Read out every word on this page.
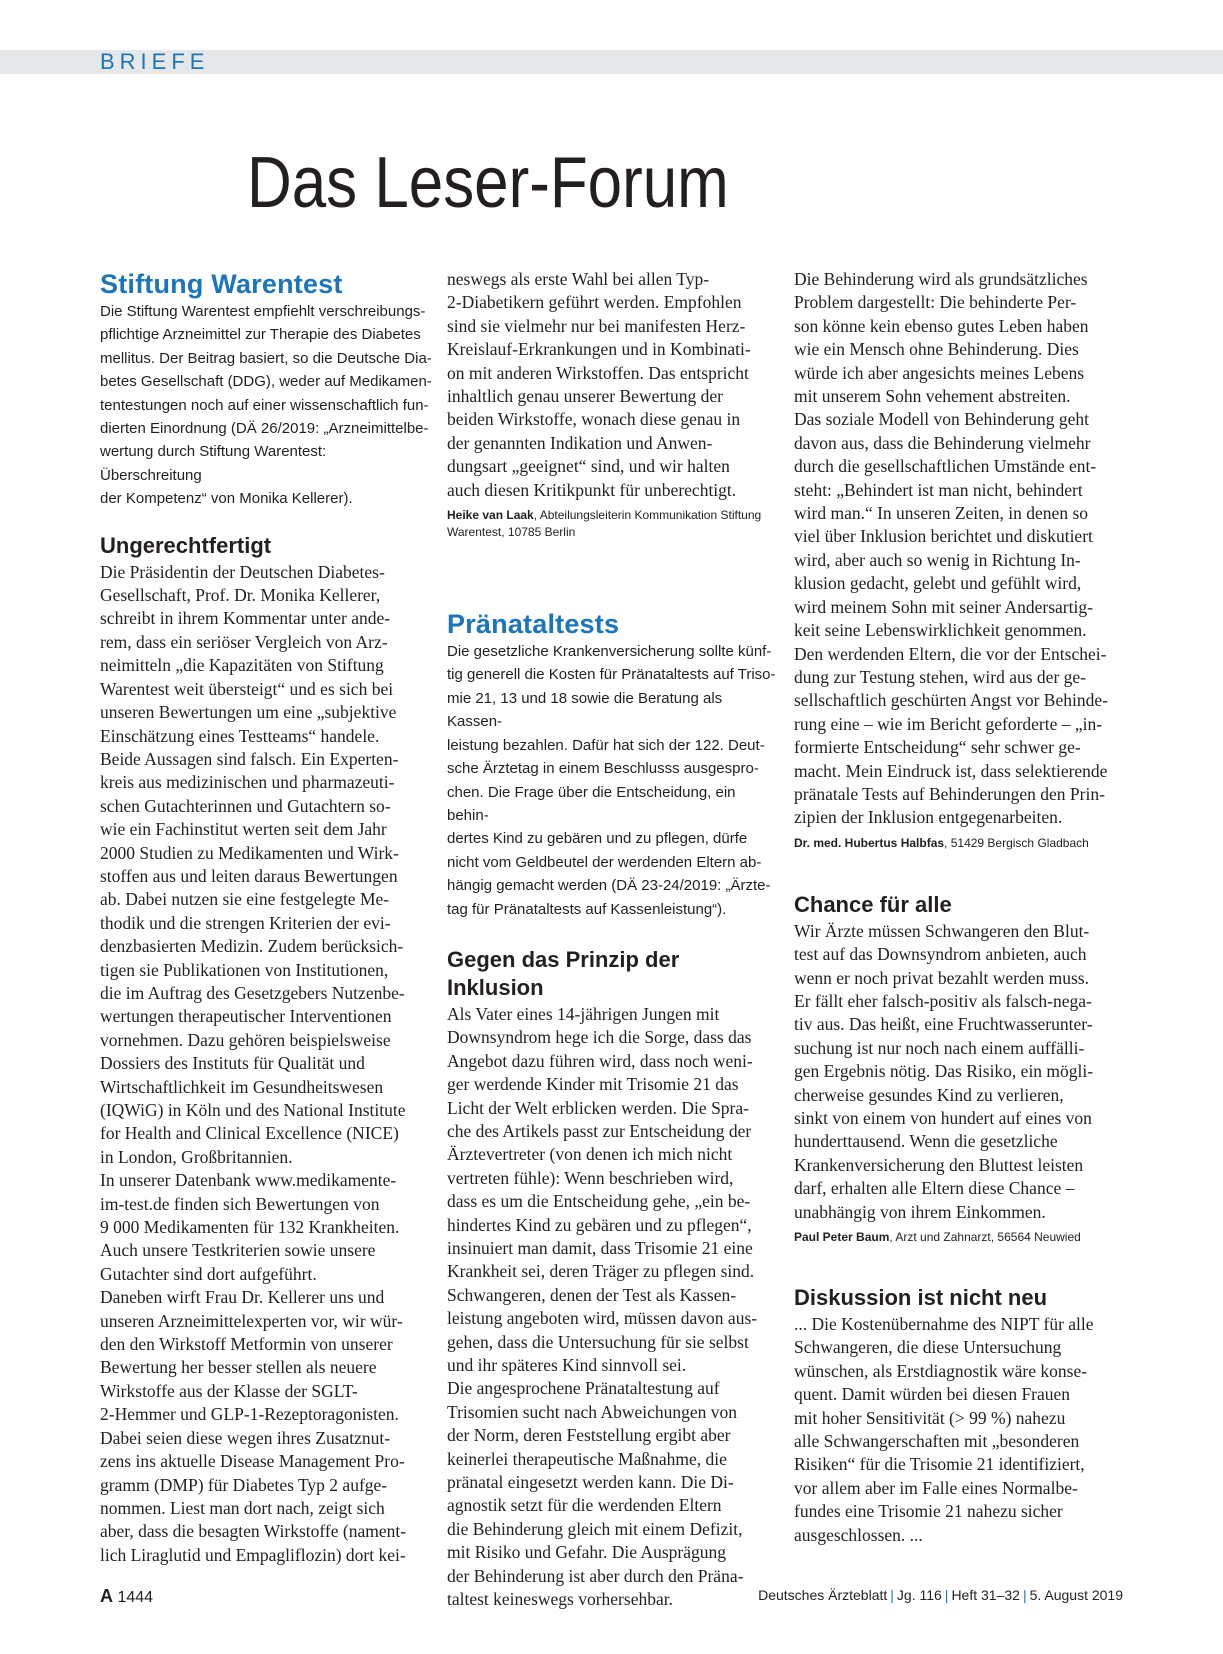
BRIEFE
Das Leser-Forum
Stiftung Warentest

Die Stiftung Warentest empfiehlt verschreibungs-
pflichtige Arzneimittel zur Therapie des Diabetes
mellitus. Der Beitrag basiert, so die Deutsche Dia-
betes Gesellschaft (DDG), weder auf Medikamen-
tentestungen noch auf einer wissenschaftlich fun-
dierten Einordnung (DÄ 26/2019: „Arzneimittelbe-
wertung durch Stiftung Warentest: Überschreitung
der Kompetenz“ von Monika Kellerer).

Ungerechtfertigt

Die Präsidentin der Deutschen Diabetes-
Gesellschaft, Prof. Dr. Monika Kellerer,
schreibt in ihrem Kommentar unter ande-
rem, dass ein seriöser Vergleich von Arz-
neimitteln „die Kapazitäten von Stiftung
Warentest weit übersteigt“ und es sich bei
unseren Bewertungen um eine „subjektive
Einschätzung eines Testteams“ handele.
Beide Aussagen sind falsch. Ein Experten-
kreis aus medizinischen und pharmazeuti-
schen Gutachterinnen und Gutachtern so-
wie ein Fachinstitut werten seit dem Jahr
2000 Studien zu Medikamenten und Wirk-
stoffen aus und leiten daraus Bewertungen
ab. Dabei nutzen sie eine festgelegte Me-
thodik und die strengen Kriterien der evi-
denzbasierten Medizin. Zudem berücksich-
tigen sie Publikationen von Institutionen,
die im Auftrag des Gesetzgebers Nutzenbe-
wertungen therapeutischer Interventionen
vornehmen. Dazu gehören beispielsweise
Dossiers des Instituts für Qualität und
Wirtschaftlichkeit im Gesundheitswesen
(IQWiG) in Köln und des National Institute
for Health and Clinical Excellence (NICE)
in London, Großbritannien.
In unserer Datenbank www.medikamente-
im-test.de finden sich Bewertungen von
9 000 Medikamenten für 132 Krankheiten.
Auch unsere Testkriterien sowie unsere
Gutachter sind dort aufgeführt.
Daneben wirft Frau Dr. Kellerer uns und
unseren Arzneimittelexperten vor, wir wür-
den den Wirkstoff Metformin von unserer
Bewertung her besser stellen als neuere
Wirkstoffe aus der Klasse der SGLT-
2-Hemmer und GLP-1-Rezeptoragonisten.
Dabei seien diese wegen ihres Zusatznut-
zens ins aktuelle Disease Management Pro-
gramm (DMP) für Diabetes Typ 2 aufge-
nommen. Liest man dort nach, zeigt sich
aber, dass die besagten Wirkstoffe (nament-
lich Liraglutid und Empagliflozin) dort kei-

neswegs als erste Wahl bei allen Typ-
2-Diabetikern geführt werden. Empfohlen
sind sie vielmehr nur bei manifesten Herz-
Kreislauf-Erkrankungen und in Kombinati-
on mit anderen Wirkstoffen. Das entspricht
inhaltlich genau unserer Bewertung der
beiden Wirkstoffe, wonach diese genau in
der genannten Indikation und Anwen-
dungsart „geeignet“ sind, und wir halten
auch diesen Kritikpunkt für unberechtigt.

Heike van Laak, Abteilungsleiterin Kommunikation Stiftung
Warentest, 10785 Berlin

Pränataltests

Die gesetzliche Krankenversicherung sollte künf-
tig generell die Kosten für Pränataltests auf Triso-
mie 21, 13 und 18 sowie die Beratung als Kassen-
leistung bezahlen. Dafür hat sich der 122. Deut-
sche Ärztetag in einem Beschlusss ausgespro-
chen. Die Frage über die Entscheidung, ein behin-
dertes Kind zu gebären und zu pflegen, dürfe
nicht vom Geldbeutel der werdenden Eltern ab-
hängig gemacht werden (DÄ 23-24/2019: „Ärzte-
tag für Pränataltests auf Kassenleistung“).

Gegen das Prinzip der Inklusion

Als Vater eines 14-jährigen Jungen mit
Downsyndrom hege ich die Sorge, dass das
Angebot dazu führen wird, dass noch weni-
ger werdende Kinder mit Trisomie 21 das
Licht der Welt erblicken werden. Die Spra-
che des Artikels passt zur Entscheidung der
Ärztevertreter (von denen ich mich nicht
vertreten fühle): Wenn beschrieben wird,
dass es um die Entscheidung gehe, „ein be-
hindertes Kind zu gebären und zu pflegen“,
insinuiert man damit, dass Trisomie 21 eine
Krankheit sei, deren Träger zu pflegen sind.
Schwangeren, denen der Test als Kassen-
leistung angeboten wird, müssen davon aus-
gehen, dass die Untersuchung für sie selbst
und ihr späteres Kind sinnvoll sei.
Die angesprochene Pränataltestung auf
Trisomien sucht nach Abweichungen von
der Norm, deren Feststellung ergibt aber
keinerlei therapeutische Maßnahme, die
pränatal eingesetzt werden kann. Die Di-
agnostik setzt für die werdenden Eltern
die Behinderung gleich mit einem Defizit,
mit Risiko und Gefahr. Die Ausprägung
der Behinderung ist aber durch den Präna-
taltest keineswegs vorhersehbar.

Die Behinderung wird als grundsätzliches
Problem dargestellt: Die behinderte Per-
son könne kein ebenso gutes Leben haben
wie ein Mensch ohne Behinderung. Dies
würde ich aber angesichts meines Lebens
mit unserem Sohn vehement abstreiten.
Das soziale Modell von Behinderung geht
davon aus, dass die Behinderung vielmehr
durch die gesellschaftlichen Umstände ent-
steht: „Behindert ist man nicht, behindert
wird man.“ In unseren Zeiten, in denen so
viel über Inklusion berichtet und diskutiert
wird, aber auch so wenig in Richtung In-
klusion gedacht, gelebt und gefühlt wird,
wird meinem Sohn mit seiner Andersartig-
keit seine Lebenswirklichkeit genommen.
Den werdenden Eltern, die vor der Entschei-
dung zur Testung stehen, wird aus der ge-
sellschaftlich geschürten Angst vor Behinde-
rung eine – wie im Bericht geforderte – „in-
formierte Entscheidung“ sehr schwer ge-
macht. Mein Eindruck ist, dass selektierende
pränatale Tests auf Behinderungen den Prin-
zipien der Inklusion entgegenarbeiten.

Dr. med. Hubertus Halbfas, 51429 Bergisch Gladbach

Chance für alle

Wir Ärzte müssen Schwangeren den Blut-
test auf das Downsyndrom anbieten, auch
wenn er noch privat bezahlt werden muss.
Er fällt eher falsch-positiv als falsch-nega-
tiv aus. Das heißt, eine Fruchtwasserunter-
suchung ist nur noch nach einem auffälli-
gen Ergebnis nötig. Das Risiko, ein mögli-
cherweise gesundes Kind zu verlieren,
sinkt von einem von hundert auf eines von
hunderttausend. Wenn die gesetzliche
Krankenversicherung den Bluttest leisten
darf, erhalten alle Eltern diese Chance –
unabhängig von ihrem Einkommen.

Paul Peter Baum, Arzt und Zahnarzt, 56564 Neuwied

Diskussion ist nicht neu

... Die Kostenübernahme des NIPT für alle
Schwangeren, die diese Untersuchung
wünschen, als Erstdiagnostik wäre konse-
quent. Damit würden bei diesen Frauen
mit hoher Sensitivität (> 99 %) nahezu
alle Schwangerschaften mit „besonderen
Risiken“ für die Trisomie 21 identifiziert,
vor allem aber im Falle eines Normalbe-
fundes eine Trisomie 21 nahezu sicher
ausgeschlossen. ...

A 1444	Deutsches Ärzteblatt | Jg. 116 | Heft 31–32 | 5. August 2019
